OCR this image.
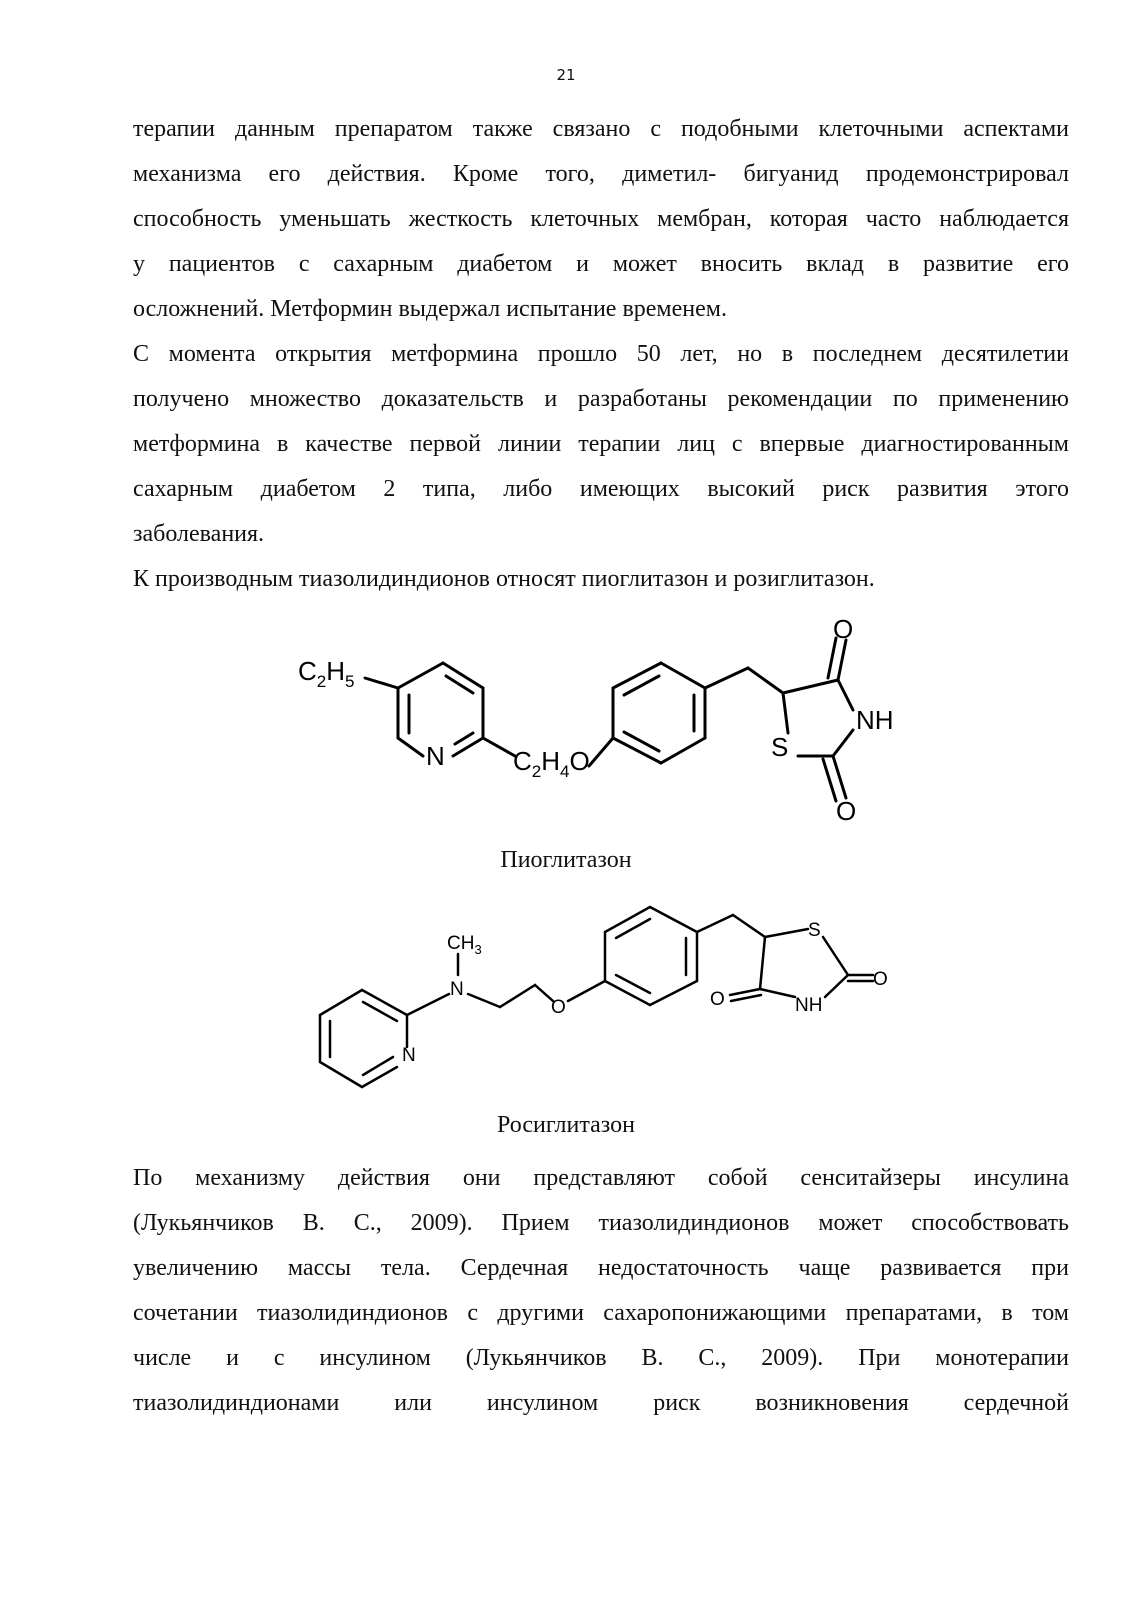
21
терапии данным препаратом также связано с подобными клеточными аспектами
механизма его действия. Кроме того, диметил- бигуанид продемонстрировал
способность уменьшать жесткость клеточных мембран, которая часто наблюдается
у пациентов с сахарным диабетом и может вносить вклад в развитие его
осложнений. Метформин выдержал испытание временем.
С момента открытия метформина прошло 50 лет, но в последнем десятилетии
получено множество доказательств и разработаны рекомендации по применению
метформина в качестве первой линии терапии лиц с впервые диагностированным
сахарным диабетом 2 типа, либо имеющих высокий риск развития этого
заболевания.
К производным тиазолидиндионов относят пиоглитазон и розиглитазон.
$C_2H_5$
N	$C_2H_4O$	S
NH
O
O
Пиоглитазон
N
N
$CH_3$
O
S
NH
O
O
Росиглитазон
По механизму действия они представляют собой сенситайзеры инсулина
(Лукьянчиков В. С., 2009). Прием тиазолидиндионов может способствовать
увеличению массы тела. Сердечная недостаточность чаще развивается при
сочетании тиазолидиндионов с другими сахаропонижающими препаратами, в том
числе и с инсулином (Лукьянчиков В. С., 2009). При монотерапии
тиазолидиндионами или инсулином риск возникновения сердечной
